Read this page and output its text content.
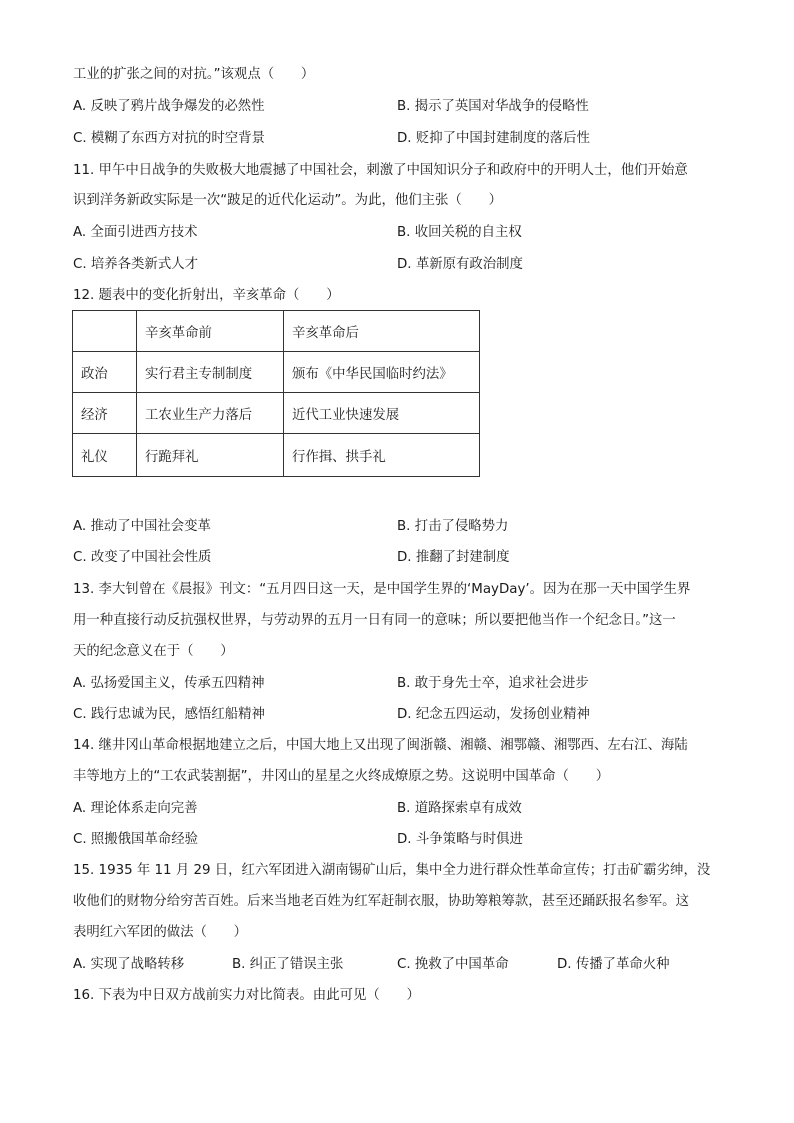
工业的扩张之间的对抗。”该观点（　　）
A. 反映了鸦片战争爆发的必然性	B. 揭示了英国对华战争的侵略性
C. 模糊了东西方对抗的时空背景	D. 贬抑了中国封建制度的落后性
11. 甲午中日战争的失败极大地震撼了中国社会，刺激了中国知识分子和政府中的开明人士，他们开始意
识到洋务新政实际是一次“跛足的近代化运动”。为此，他们主张（　　）
A. 全面引进西方技术	B. 收回关税的自主权
C. 培养各类新式人才	D. 革新原有政治制度
12. 题表中的变化折射出，辛亥革命（　　）
	辛亥革命前	辛亥革命后
政治	实行君主专制制度	颁布《中华民国临时约法》
经济	工农业生产力落后	近代工业快速发展
礼仪	行跪拜礼	行作揖、拱手礼
A. 推动了中国社会变革	B. 打击了侵略势力
C. 改变了中国社会性质	D. 推翻了封建制度
13. 李大钊曾在《晨报》刊文：“五月四日这一天，是中国学生界的‘MayDay’。因为在那一天中国学生界
用一种直接行动反抗强权世界，与劳动界的五月一日有同一的意味；所以要把他当作一个纪念日。”这一
天的纪念意义在于（　　）
A. 弘扬爱国主义，传承五四精神	B. 敢于身先士卒，追求社会进步
C. 践行忠诚为民，感悟红船精神	D. 纪念五四运动，发扬创业精神
14. 继井冈山革命根据地建立之后，中国大地上又出现了闽浙赣、湘赣、湘鄂赣、湘鄂西、左右江、海陆
丰等地方上的“工农武装割据”，井冈山的星星之火终成燎原之势。这说明中国革命（　　）
A. 理论体系走向完善	B. 道路探索卓有成效
C. 照搬俄国革命经验	D. 斗争策略与时俱进
15. 1935 年 11 月 29 日，红六军团进入湖南锡矿山后，集中全力进行群众性革命宣传；打击矿霸劣绅，没
收他们的财物分给穷苦百姓。后来当地老百姓为红军赶制衣服，协助筹粮筹款，甚至还踊跃报名参军。这
表明红六军团的做法（　　）
A. 实现了战略转移	B. 纠正了错误主张	C. 挽救了中国革命	D. 传播了革命火种
16. 下表为中日双方战前实力对比简表。由此可见（　　）
